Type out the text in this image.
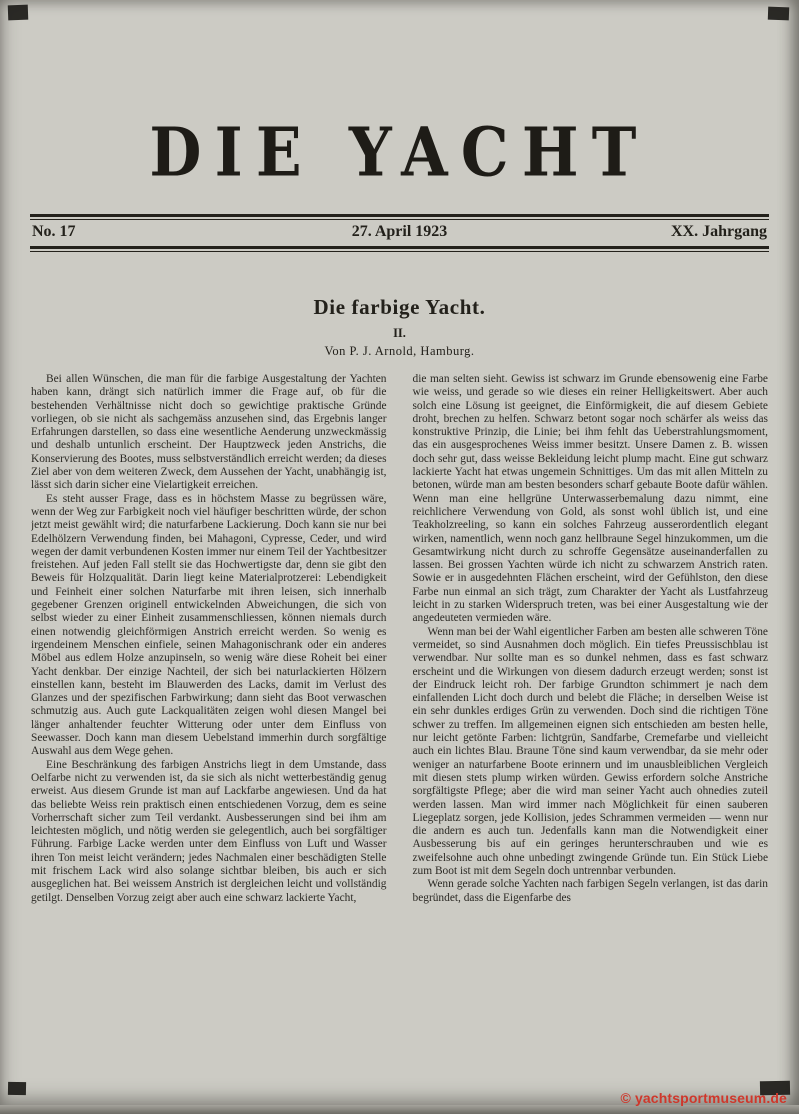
DIE YACHT
No. 17	27. April 1923	XX. Jahrgang
Die farbige Yacht.
II.
Von P. J. Arnold, Hamburg.

Bei allen Wünschen, die man für die farbige Ausgestaltung der Yachten haben kann, drängt sich natürlich immer die Frage auf, ob für die bestehenden Verhältnisse nicht doch so gewichtige praktische Gründe vorliegen, ob sie nicht als sachgemäss anzusehen sind, das Ergebnis langer Erfahrungen darstellen, so dass eine wesentliche Aenderung unzweckmässig und deshalb untunlich erscheint. Der Hauptzweck jeden Anstrichs, die Konservierung des Bootes, muss selbstverständlich erreicht werden; da dieses Ziel aber von dem weiteren Zweck, dem Aussehen der Yacht, unabhängig ist, lässt sich darin sicher eine Vielartigkeit erreichen.

Es steht ausser Frage, dass es in höchstem Masse zu begrüssen wäre, wenn der Weg zur Farbigkeit noch viel häufiger beschritten würde, der schon jetzt meist gewählt wird; die naturfarbene Lackierung. Doch kann sie nur bei Edelhölzern Verwendung finden, bei Mahagoni, Cypresse, Ceder, und wird wegen der damit verbundenen Kosten immer nur einem Teil der Yachtbesitzer freistehen. Auf jeden Fall stellt sie das Hochwertigste dar, denn sie gibt den Beweis für Holzqualität. Darin liegt keine Materialprotzerei: Lebendigkeit und Feinheit einer solchen Naturfarbe mit ihren leisen, sich innerhalb gegebener Grenzen originell entwickelnden Abweichungen, die sich von selbst wieder zu einer Einheit zusammenschliessen, können niemals durch einen notwendig gleichförmigen Anstrich erreicht werden. So wenig es irgendeinem Menschen einfiele, seinen Mahagonischrank oder ein anderes Möbel aus edlem Holze anzupinseln, so wenig wäre diese Roheit bei einer Yacht denkbar. Der einzige Nachteil, der sich bei naturlackierten Hölzern einstellen kann, besteht im Blauwerden des Lacks, damit im Verlust des Glanzes und der spezifischen Farbwirkung; dann sieht das Boot verwaschen schmutzig aus. Auch gute Lackqualitäten zeigen wohl diesen Mangel bei länger anhaltender feuchter Witterung oder unter dem Einfluss von Seewasser. Doch kann man diesem Uebelstand immerhin durch sorgfältige Auswahl aus dem Wege gehen.

Eine Beschränkung des farbigen Anstrichs liegt in dem Umstande, dass Oelfarbe nicht zu verwenden ist, da sie sich als nicht wetterbeständig genug erweist. Aus diesem Grunde ist man auf Lackfarbe angewiesen. Und da hat das beliebte Weiss rein praktisch einen entschiedenen Vorzug, dem es seine Vorherrschaft sicher zum Teil verdankt. Ausbesserungen sind bei ihm am leichtesten möglich, und nötig werden sie gelegentlich, auch bei sorgfältiger Führung. Farbige Lacke werden unter dem Einfluss von Luft und Wasser ihren Ton meist leicht verändern; jedes Nachmalen einer beschädigten Stelle mit frischem Lack wird also solange sichtbar bleiben, bis auch er sich ausgeglichen hat. Bei weissem Anstrich ist dergleichen leicht und vollständig getilgt. Denselben Vorzug zeigt aber auch eine schwarz lackierte Yacht,

die man selten sieht. Gewiss ist schwarz im Grunde ebensowenig eine Farbe wie weiss, und gerade so wie dieses ein reiner Helligkeitswert. Aber auch solch eine Lösung ist geeignet, die Einförmigkeit, die auf diesem Gebiete droht, brechen zu helfen. Schwarz betont sogar noch schärfer als weiss das konstruktive Prinzip, die Linie; bei ihm fehlt das Ueberstrahlungsmoment, das ein ausgesprochenes Weiss immer besitzt. Unsere Damen z. B. wissen doch sehr gut, dass weisse Bekleidung leicht plump macht. Eine gut schwarz lackierte Yacht hat etwas ungemein Schnittiges. Um das mit allen Mitteln zu betonen, würde man am besten besonders scharf gebaute Boote dafür wählen. Wenn man eine hellgrüne Unterwasserbemalung dazu nimmt, eine reichlichere Verwendung von Gold, als sonst wohl üblich ist, und eine Teakholzreeling, so kann ein solches Fahrzeug ausserordentlich elegant wirken, namentlich, wenn noch ganz hellbraune Segel hinzukommen, um die Gesamtwirkung nicht durch zu schroffe Gegensätze auseinanderfallen zu lassen. Bei grossen Yachten würde ich nicht zu schwarzem Anstrich raten. Sowie er in ausgedehnten Flächen erscheint, wird der Gefühlston, den diese Farbe nun einmal an sich trägt, zum Charakter der Yacht als Lustfahrzeug leicht in zu starken Widerspruch treten, was bei einer Ausgestaltung wie der angedeuteten vermieden wäre.

Wenn man bei der Wahl eigentlicher Farben am besten alle schweren Töne vermeidet, so sind Ausnahmen doch möglich. Ein tiefes Preussischblau ist verwendbar. Nur sollte man es so dunkel nehmen, dass es fast schwarz erscheint und die Wirkungen von diesem dadurch erzeugt werden; sonst ist der Eindruck leicht roh. Der farbige Grundton schimmert je nach dem einfallenden Licht doch durch und belebt die Fläche; in derselben Weise ist ein sehr dunkles erdiges Grün zu verwenden. Doch sind die richtigen Töne schwer zu treffen. Im allgemeinen eignen sich entschieden am besten helle, nur leicht getönte Farben: lichtgrün, Sandfarbe, Cremefarbe und vielleicht auch ein lichtes Blau. Braune Töne sind kaum verwendbar, da sie mehr oder weniger an naturfarbene Boote erinnern und im unausbleiblichen Vergleich mit diesen stets plump wirken würden. Gewiss erfordern solche Anstriche sorgfältigste Pflege; aber die wird man seiner Yacht auch ohnedies zuteil werden lassen. Man wird immer nach Möglichkeit für einen sauberen Liegeplatz sorgen, jede Kollision, jedes Schrammen vermeiden — wenn nur die andern es auch tun. Jedenfalls kann man die Notwendigkeit einer Ausbesserung bis auf ein geringes herunterschrauben und wie es zweifelsohne auch ohne unbedingt zwingende Gründe tun. Ein Stück Liebe zum Boot ist mit dem Segeln doch untrennbar verbunden.

Wenn gerade solche Yachten nach farbigen Segeln verlangen, ist das darin begründet, dass die Eigenfarbe des

© yachtsportmuseum.de
